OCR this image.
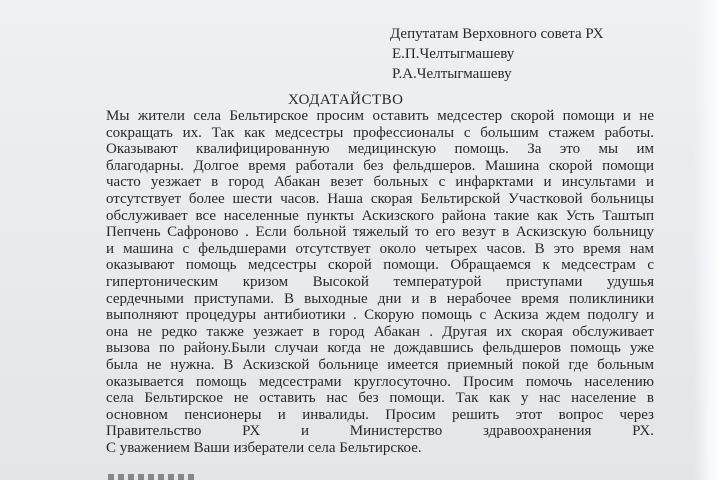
Депутатам Верховного совета РХ
Е.П.Челтыгмашеву
Р.А.Челтыгмашеву
ХОДАТАЙСТВО
Мы жители села Бельтирское просим оставить медсестер скорой помощи и не
сокращать их. Так как медсестры профессионалы с большим стажем работы.
Оказывают квалифицированную медицинскую помощь. За это мы им
благодарны. Долгое время работали без фельдшеров. Машина скорой помощи
часто уезжает в город Абакан везет больных с инфарктами и инсультами и
отсутствует более шести часов. Наша скорая Бельтирской Участковой больницы
обслуживает все населенные пункты Аскизского района такие как Усть Таштып
Пепчень Сафроново . Если больной тяжелый то его везут в Аскизскую больницу
и машина с фельдшерами отсутствует около четырех часов. В это время нам
оказывают помощь медсестры скорой помощи. Обращаемся к медсестрам с
гипертоническим кризом Высокой температурой приступами удушья
сердечными приступами. В выходные дни и в нерабочее время поликлиники
выполняют процедуры антибиотики . Скорую помощь с Аскиза ждем подолгу и
она не редко также уезжает в город Абакан . Другая их скорая обслуживает
вызова по району.Были случаи когда не дождавшись фельдшеров помощь уже
была не нужна. В Аскизской больнице имеется приемный покой где больным
оказывается помощь медсестрами круглосуточно. Просим помочь населению
села Бельтирское не оставить нас без помощи. Так как у нас население в
основном пенсионеры и инвалиды. Просим решить этот вопрос через
Правительство РХ и Министерство здравоохранения РХ.
С уважением Ваши избератели села Бельтирское.
